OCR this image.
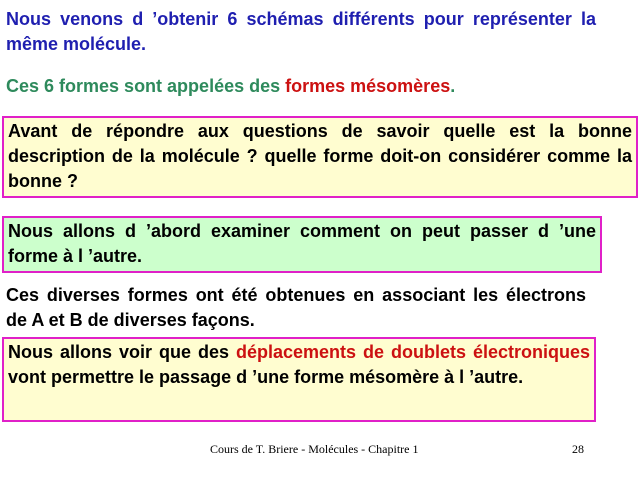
Nous venons d ’obtenir 6 schémas différents pour représenter la même molécule.
Ces 6 formes sont appelées des formes mésomères.
Avant de répondre aux questions de savoir quelle est la bonne description de la molécule ? quelle forme doit-on considérer comme la bonne ?
Nous allons d ’abord examiner comment on peut passer d ’une forme à l ’autre.
Ces diverses formes ont été obtenues en associant les électrons de A et B de diverses façons.
Nous allons voir que des déplacements de doublets électroniques vont permettre le passage d ’une forme mésomère à l ’autre.
Cours de T. Briere - Molécules - Chapitre 1	28
